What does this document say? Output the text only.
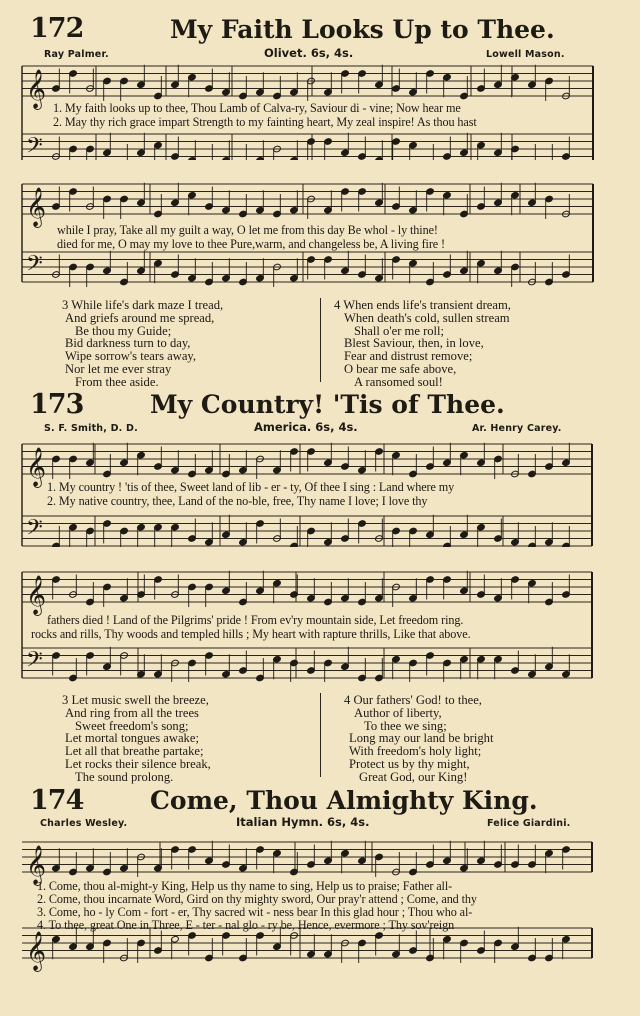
172	My Faith Looks Up to Thee.
Ray Palmer.	Olivet. 6s, 4s.	Lowell Mason.
𝄞
𝄢
1. My faith looks up to thee, Thou Lamb of Calva-ry, Saviour di - vine; Now hear me
2. May thy rich grace impart Strength to my fainting heart, My zeal inspire! As thou hast
𝄞
𝄢
while I pray, Take all my guilt a way, O let me from this day Be whol - ly thine!
died for me, O may my love to thee Pure,warm, and changeless be, A living fire !
3 While life's dark maze I tread,
And griefs around me spread,
Be thou my Guide;
Bid darkness turn to day,
Wipe sorrow's tears away,
Nor let me ever stray
From thee aside.
4 When ends life's transient dream,
When death's cold, sullen stream
Shall o'er me roll;
Blest Saviour, then, in love,
Fear and distrust remove;
O bear me safe above,
A ransomed soul!
173	My Country! 'Tis of Thee.
S. F. Smith, D. D.	America. 6s, 4s.	Ar. Henry Carey.
𝄞
𝄢
1. My country ! 'tis of thee, Sweet land of lib - er - ty, Of thee I sing : Land where my
2. My native country, thee, Land of the no-ble, free, Thy name I love; I love thy
𝄞
𝄢
fathers died ! Land of the Pilgrims' pride ! From ev'ry mountain side, Let freedom ring.
rocks and rills, Thy woods and templed hills ; My heart with rapture thrills, Like that above.
3 Let music swell the breeze,
And ring from all the trees
Sweet freedom's song;
Let mortal tongues awake;
Let all that breathe partake;
Let rocks their silence break,
The sound prolong.
4 Our fathers' God! to thee,
Author of liberty,
To thee we sing;
Long may our land be bright
With freedom's holy light;
Protect us by thy might,
Great God, our King!
174	Come, Thou Almighty King.
Charles Wesley.	Italian Hymn. 6s, 4s.	Felice Giardini.
𝄞
1. Come, thou al-might-y King, Help us thy name to sing, Help us to praise; Father all-
2. Come, thou incarnate Word, Gird on thy mighty sword, Our pray'r attend ; Come, and thy
3. Come, ho - ly Com - fort - er, Thy sacred wit - ness bear In this glad hour ; Thou who al-
4. To thee, great One in Three, E - ter - nal glo - ry be, Hence, evermore ; Thy sov'reign
𝄞
